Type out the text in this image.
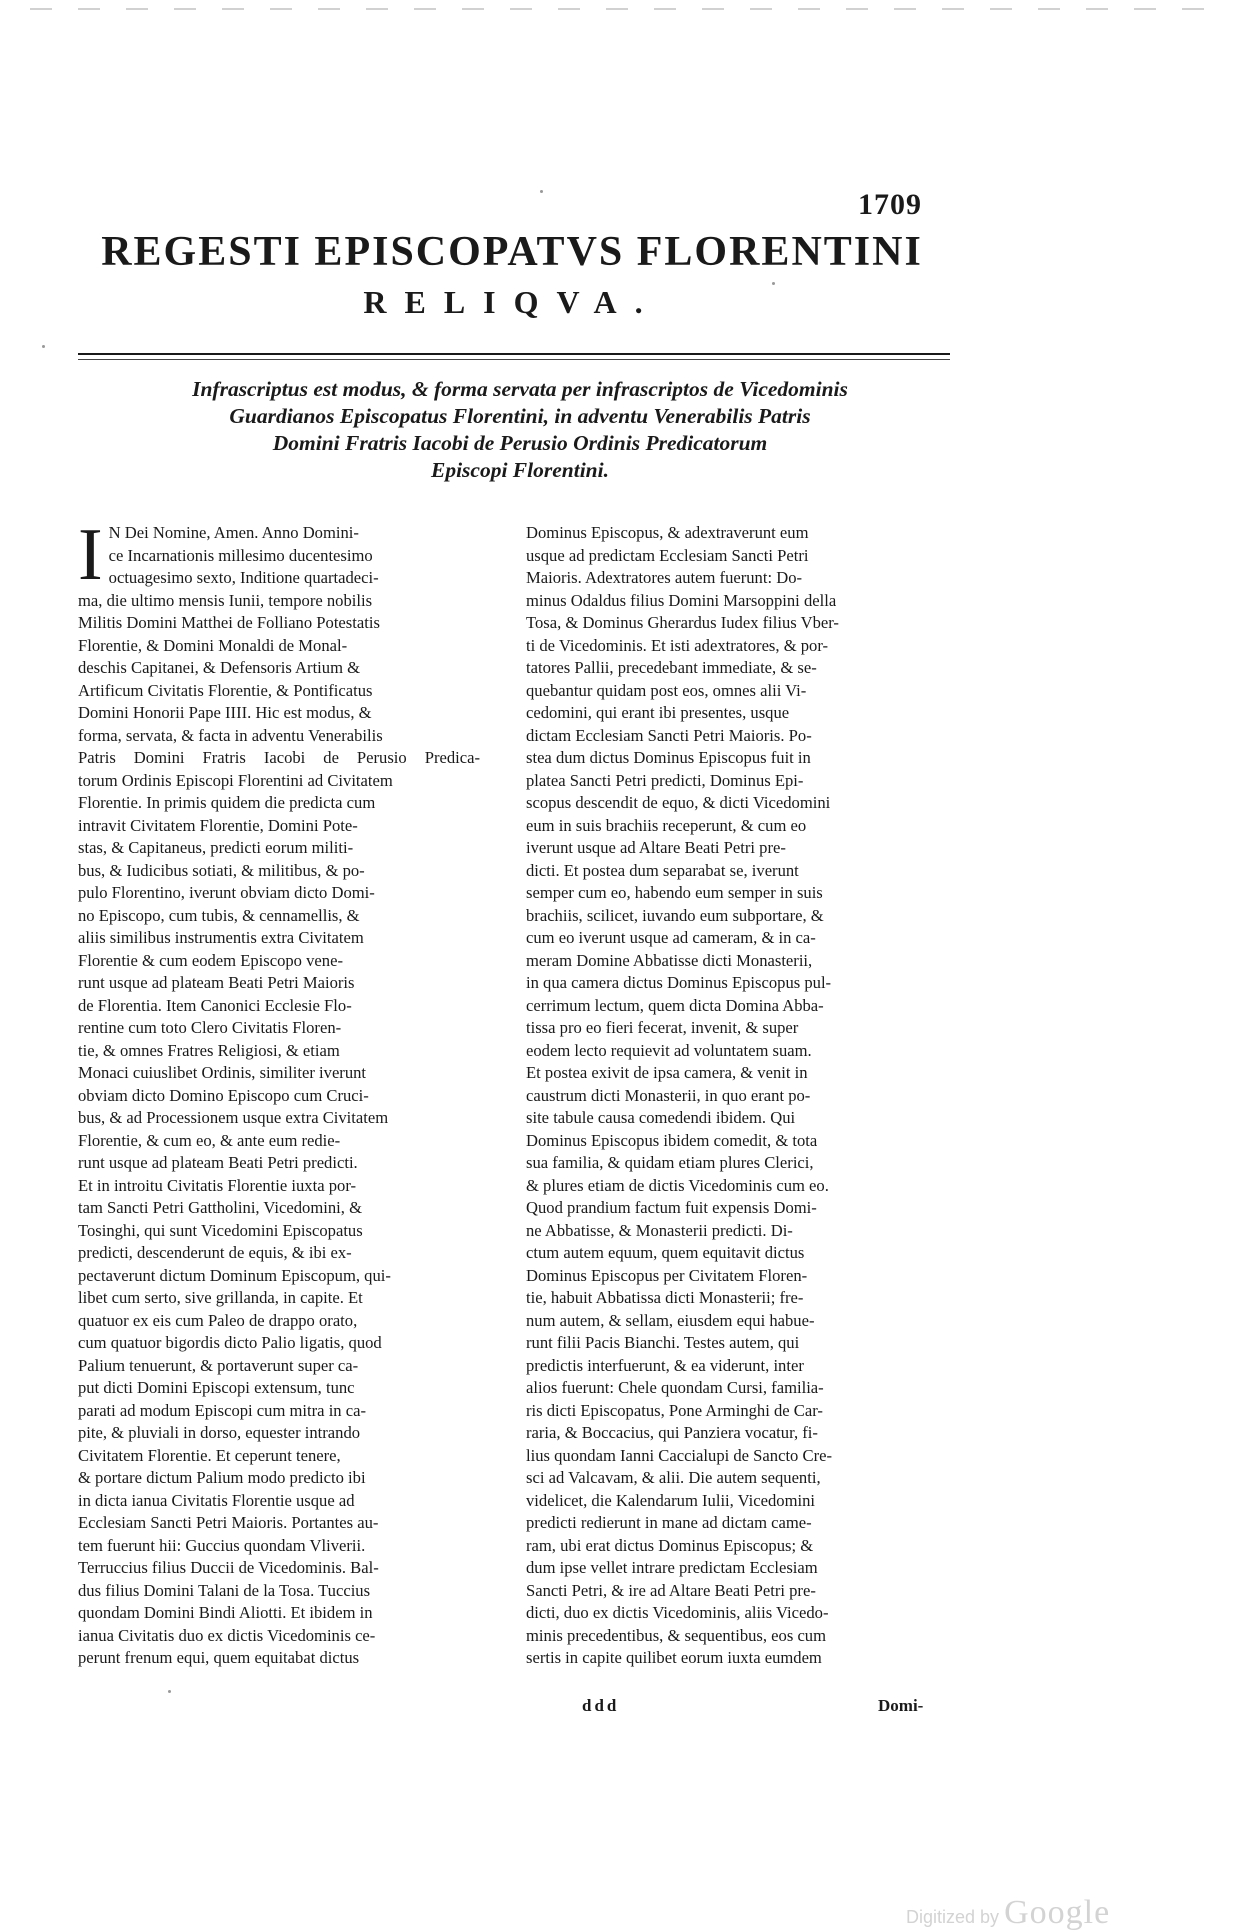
1709
REGESTI EPISCOPATVS FLORENTINI
RELIQVA.
Infrascriptus est modus, & forma servata per infrascriptos de Vicedominis
Guardianos Episcopatus Florentini, in adventu Venerabilis Patris
Domini Fratris Iacobi de Perusio Ordinis Predicatorum
Episcopi Florentini.
I N Dei Nomine, Amen. Anno Domini-
ce Incarnationis millesimo ducentesimo
octuagesimo sexto, Inditione quartadeci-
ma, die ultimo mensis Iunii, tempore nobilis
Militis Domini Matthei de Folliano Potestatis
Florentie, & Domini Monaldi de Monal-
deschis Capitanei, & Defensoris Artium &
Artificum Civitatis Florentie, & Pontificatus
Domini Honorii Pape IIII. Hic est modus, &
forma, servata, & facta in adventu Venerabilis
Patris Domini Fratris Iacobi de Perusio Predica-
torum Ordinis Episcopi Florentini ad Civitatem
Florentie. In primis quidem die predicta cum
intravit Civitatem Florentie, Domini Pote-
stas, & Capitaneus, predicti eorum militi-
bus, & Iudicibus sotiati, & militibus, & po-
pulo Florentino, iverunt obviam dicto Domi-
no Episcopo, cum tubis, & cennamellis, &
aliis similibus instrumentis extra Civitatem
Florentie & cum eodem Episcopo vene-
runt usque ad plateam Beati Petri Maioris
de Florentia. Item Canonici Ecclesie Flo-
rentine cum toto Clero Civitatis Floren-
tie, & omnes Fratres Religiosi, & etiam
Monaci cuiuslibet Ordinis, similiter iverunt
obviam dicto Domino Episcopo cum Cruci-
bus, & ad Processionem usque extra Civitatem
Florentie, & cum eo, & ante eum redie-
runt usque ad plateam Beati Petri predicti.
Et in introitu Civitatis Florentie iuxta por-
tam Sancti Petri Gattholini, Vicedomini, &
Tosinghi, qui sunt Vicedomini Episcopatus
predicti, descenderunt de equis, & ibi ex-
pectaverunt dictum Dominum Episcopum, qui-
libet cum serto, sive grillanda, in capite. Et
quatuor ex eis cum Paleo de drappo orato,
cum quatuor bigordis dicto Palio ligatis, quod
Palium tenuerunt, & portaverunt super ca-
put dicti Domini Episcopi extensum, tunc
parati ad modum Episcopi cum mitra in ca-
pite, & pluviali in dorso, equester intrando
Civitatem Florentie. Et ceperunt tenere,
& portare dictum Palium modo predicto ibi
in dicta ianua Civitatis Florentie usque ad
Ecclesiam Sancti Petri Maioris. Portantes au-
tem fuerunt hii: Guccius quondam Vliverii.
Terruccius filius Duccii de Vicedominis. Bal-
dus filius Domini Talani de la Tosa. Tuccius
quondam Domini Bindi Aliotti. Et ibidem in
ianua Civitatis duo ex dictis Vicedominis ce-
perunt frenum equi, quem equitabat dictus
Dominus Episcopus, & adextraverunt eum
usque ad predictam Ecclesiam Sancti Petri
Maioris. Adextratores autem fuerunt: Do-
minus Odaldus filius Domini Marsoppini della
Tosa, & Dominus Gherardus Iudex filius Vber-
ti de Vicedominis. Et isti adextratores, & por-
tatores Pallii, precedebant immediate, & se-
quebantur quidam post eos, omnes alii Vi-
cedomini, qui erant ibi presentes, usque
dictam Ecclesiam Sancti Petri Maioris. Po-
stea dum dictus Dominus Episcopus fuit in
platea Sancti Petri predicti, Dominus Epi-
scopus descendit de equo, & dicti Vicedomini
eum in suis brachiis receperunt, & cum eo
iverunt usque ad Altare Beati Petri pre-
dicti. Et postea dum separabat se, iverunt
semper cum eo, habendo eum semper in suis
brachiis, scilicet, iuvando eum subportare, &
cum eo iverunt usque ad cameram, & in ca-
meram Domine Abbatisse dicti Monasterii,
in qua camera dictus Dominus Episcopus pul-
cerrimum lectum, quem dicta Domina Abba-
tissa pro eo fieri fecerat, invenit, & super
eodem lecto requievit ad voluntatem suam.
Et postea exivit de ipsa camera, & venit in
caustrum dicti Monasterii, in quo erant po-
site tabule causa comedendi ibidem. Qui
Dominus Episcopus ibidem comedit, & tota
sua familia, & quidam etiam plures Clerici,
& plures etiam de dictis Vicedominis cum eo.
Quod prandium factum fuit expensis Domi-
ne Abbatisse, & Monasterii predicti. Di-
ctum autem equum, quem equitavit dictus
Dominus Episcopus per Civitatem Floren-
tie, habuit Abbatissa dicti Monasterii; fre-
num autem, & sellam, eiusdem equi habue-
runt filii Pacis Bianchi. Testes autem, qui
predictis interfuerunt, & ea viderunt, inter
alios fuerunt: Chele quondam Cursi, familia-
ris dicti Episcopatus, Pone Arminghi de Car-
raria, & Boccacius, qui Panziera vocatur, fi-
lius quondam Ianni Caccialupi de Sancto Cre-
sci ad Valcavam, & alii. Die autem sequenti,
videlicet, die Kalendarum Iulii, Vicedomini
predicti redierunt in mane ad dictam came-
ram, ubi erat dictus Dominus Episcopus; &
dum ipse vellet intrare predictam Ecclesiam
Sancti Petri, & ire ad Altare Beati Petri pre-
dicti, duo ex dictis Vicedominis, aliis Vicedo-
minis precedentibus, & sequentibus, eos cum
sertis in capite quilibet eorum iuxta eumdem
ddd	Domi-
Digitized by Google
